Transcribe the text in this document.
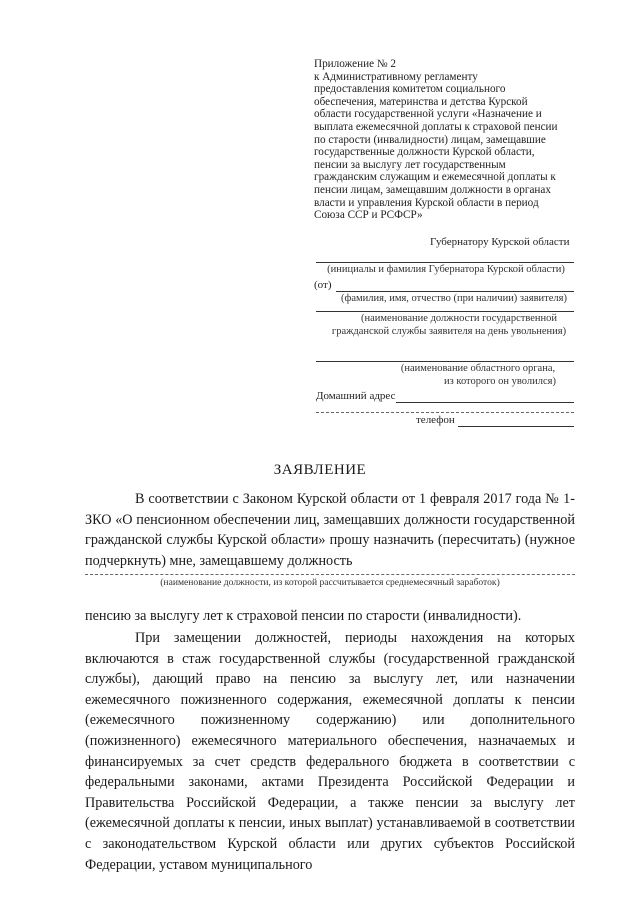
Приложение № 2

к Административному регламенту

предоставления комитетом социального

обеспечения, материнства и детства Курской

области государственной услуги «Назначение и

выплата ежемесячной доплаты к страховой пенсии

по старости (инвалидности) лицам, замещавшие

государственные должности Курской области,

пенсии за выслугу лет государственным

гражданским служащим и ежемесячной доплаты к

пенсии лицам, замещавшим должности в органах

власти и управления Курской области в период

Союза ССР и РСФСР»

Губернатору Курской области
(инициалы и фамилия Губернатора Курской области)
(от)
(фамилия, имя, отчество (при наличии) заявителя)
(наименование должности государственной
гражданской службы заявителя на день увольнения)
(наименование областного органа,
из которого он уволился)
Домашний адрес
телефон
ЗАЯВЛЕНИЕ

В соответствии с Законом Курской области от 1 февраля 2017 года № 1-ЗКО «О пенсионном обеспечении лиц, замещавших должности государственной гражданской службы Курской области» прошу назначить (пересчитать) (нужное подчеркнуть) мне, замещавшему должность

(наименование должности, из которой рассчитывается среднемесячный заработок)

пенсию за выслугу лет к страховой пенсии по старости (инвалидности).

При замещении должностей, периоды нахождения на которых включаются в стаж государственной службы (государственной гражданской службы), дающий право на пенсию за выслугу лет, или назначении ежемесячного пожизненного содержания, ежемесячной доплаты к пенсии (ежемесячного пожизненному содержанию) или дополнительного (пожизненного) ежемесячного материального обеспечения, назначаемых и финансируемых за счет средств федерального бюджета в соответствии с федеральными законами, актами Президента Российской Федерации и Правительства Российской Федерации, а также пенсии за выслугу лет (ежемесячной доплаты к пенсии, иных выплат) устанавливаемой в соответствии с законодательством Курской области или других субъектов Российской Федерации, уставом муниципального
